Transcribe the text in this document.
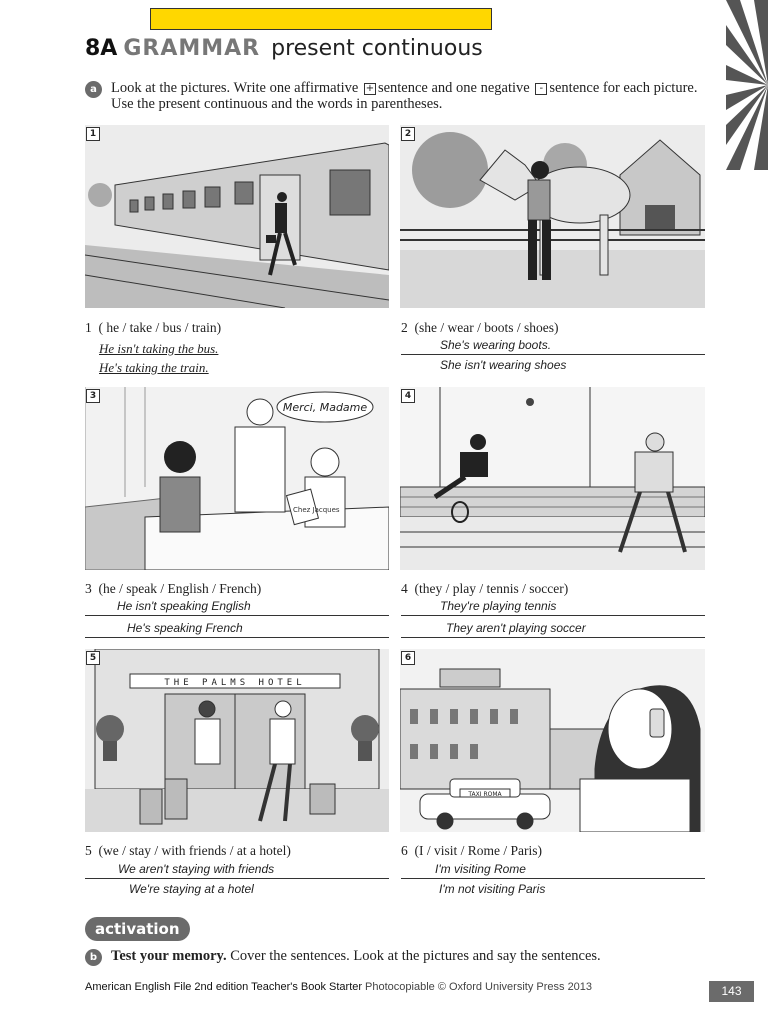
8A GRAMMAR present continuous
a Look at the pictures. Write one affirmative + sentence and one negative - sentence for each picture. Use the present continuous and the words in parentheses.
1	2
1 ( he / take / bus / train)
He isn't taking the bus.
He's taking the train.
2 (she / wear / boots / shoes)
She's wearing boots.
She isn't wearing shoes
Chez Jacques
Merci, Madame
3	4
3 (he / speak / English / French)
He isn't speaking English
He's speaking French
4 (they / play / tennis / soccer)
They're playing tennis
They aren't playing soccer
THE PALMS HOTEL
5
TAXI ROMA
6
5 (we / stay / with friends / at a hotel)
We aren't staying with friends
We're staying at a hotel
6 (I / visit / Rome / Paris)
I'm visiting Rome
I'm not visiting Paris
activation
b Test your memory. Cover the sentences. Look at the pictures and say the sentences.
American English File 2nd edition Teacher's Book Starter Photocopiable © Oxford University Press 2013	143
